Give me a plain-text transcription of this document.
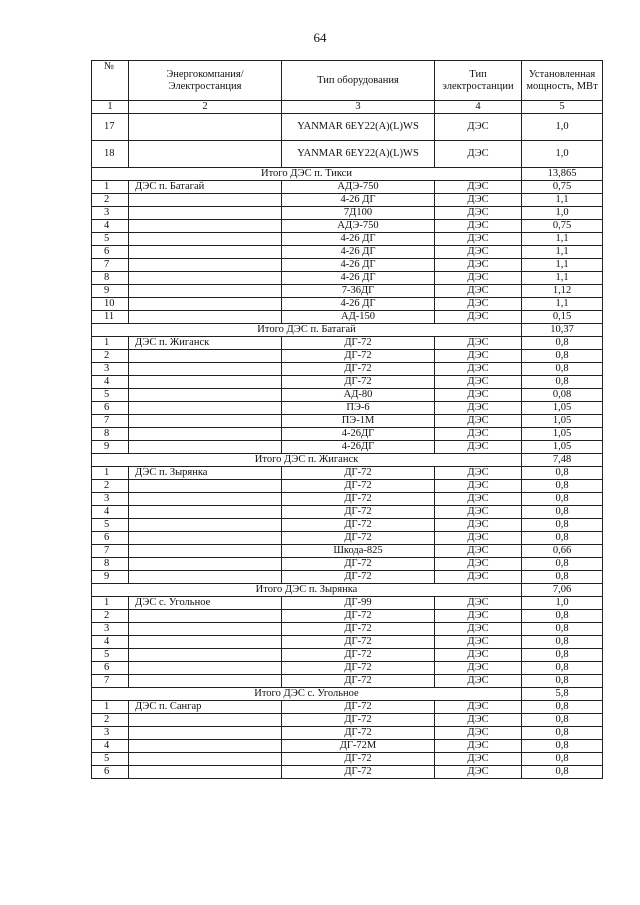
64
№	Энергокомпания/ Электростанция	Тип оборудования	Тип электростанции	Установленная мощность, МВт
1	2	3	4	5
17		YANMAR 6EY22(A)(L)WS	ДЭС	1,0
18		YANMAR 6EY22(A)(L)WS	ДЭС	1,0
Итого ДЭС п. Тикси				13,865
1	ДЭС п. Батагай	АДЭ-750	ДЭС	0,75
2		4-26 ДГ	ДЭС	1,1
3		7Д100	ДЭС	1,0
4		АДЭ-750	ДЭС	0,75
5		4-26 ДГ	ДЭС	1,1
6		4-26 ДГ	ДЭС	1,1
7		4-26 ДГ	ДЭС	1,1
8		4-26 ДГ	ДЭС	1,1
9		7-36ДГ	ДЭС	1,12
10		4-26 ДГ	ДЭС	1,1
11		АД-150	ДЭС	0,15
Итого ДЭС п. Батагай				10,37
1	ДЭС п. Жиганск	ДГ-72	ДЭС	0,8
2		ДГ-72	ДЭС	0,8
3		ДГ-72	ДЭС	0,8
4		ДГ-72	ДЭС	0,8
5		АД-80	ДЭС	0,08
6		ПЭ-6	ДЭС	1,05
7		ПЭ-1М	ДЭС	1,05
8		4-26ДГ	ДЭС	1,05
9		4-26ДГ	ДЭС	1,05
Итого ДЭС п. Жиганск				7,48
1	ДЭС п. Зырянка	ДГ-72	ДЭС	0,8
2		ДГ-72	ДЭС	0,8
3		ДГ-72	ДЭС	0,8
4		ДГ-72	ДЭС	0,8
5		ДГ-72	ДЭС	0,8
6		ДГ-72	ДЭС	0,8
7		Шкода-825	ДЭС	0,66
8		ДГ-72	ДЭС	0,8
9		ДГ-72	ДЭС	0,8
Итого ДЭС п. Зырянка				7,06
1	ДЭС с. Угольное	ДГ-99	ДЭС	1,0
2		ДГ-72	ДЭС	0,8
3		ДГ-72	ДЭС	0,8
4		ДГ-72	ДЭС	0,8
5		ДГ-72	ДЭС	0,8
6		ДГ-72	ДЭС	0,8
7		ДГ-72	ДЭС	0,8
Итого ДЭС с. Угольное				5,8
1	ДЭС п. Сангар	ДГ-72	ДЭС	0,8
2		ДГ-72	ДЭС	0,8
3		ДГ-72	ДЭС	0,8
4		ДГ-72М	ДЭС	0,8
5		ДГ-72	ДЭС	0,8
6		ДГ-72	ДЭС	0,8
